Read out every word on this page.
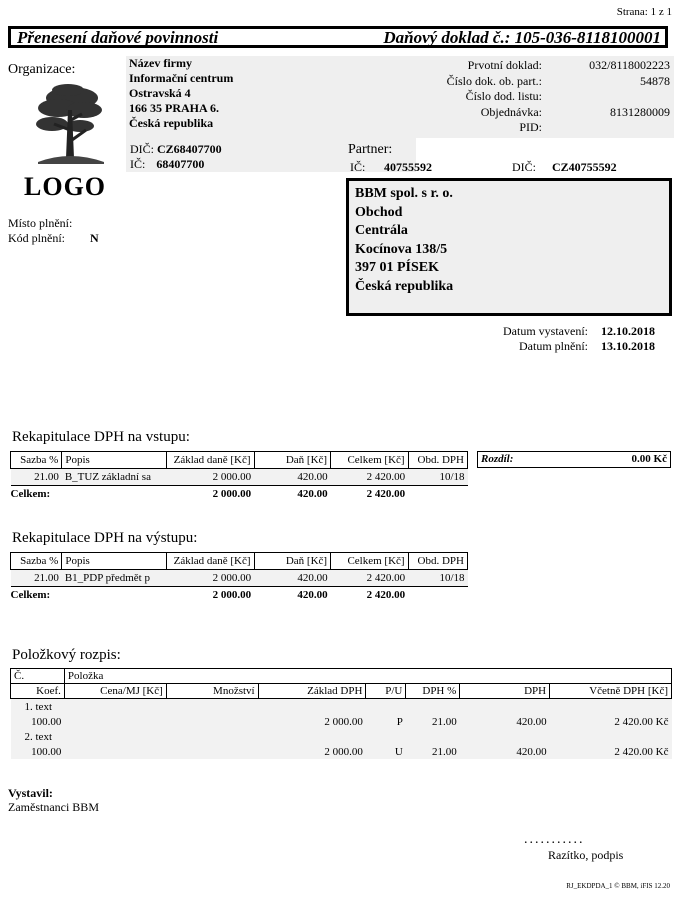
Strana: 1 z 1
Přenesení daňové povinnosti	Daňový doklad č.: 105-036-8118100001
Organizace:	Název firmy
Informační centrum
Ostravská 4
166 35 PRAHA 6.
Česká republika
DIČ: CZ68407700
IČ: 68407700
LOGO
Prvotní doklad:	032/8118002223
Číslo dok. ob. part.:	54878
Číslo dod. listu:
Objednávka:	8131280009
PID:
Partner:
IČ: 40755592	DIČ: CZ40755592
BBM spol. s r. o.
Obchod
Centrála
Kocínova 138/5
397 01 PÍSEK
Česká republika
Místo plnění:
Kód plnění: N
Datum vystavení: 12.10.2018
Datum plnění: 13.10.2018
Rekapitulace DPH na vstupu:
Sazba %	Popis	Základ daně [Kč]	Daň [Kč]	Celkem [Kč]	Obd. DPH
21.00	B_TUZ základní sa	2 000.00	420.00	2 420.00	10/18
Celkem:		2 000.00	420.00	2 420.00	
Rozdíl:	0.00 Kč
Rekapitulace DPH na výstupu:
Sazba %	Popis	Základ daně [Kč]	Daň [Kč]	Celkem [Kč]	Obd. DPH
21.00	B1_PDP předmět p	2 000.00	420.00	2 420.00	10/18
Celkem:		2 000.00	420.00	2 420.00	
Položkový rozpis:
Č.	Položka						
Koef.	Cena/MJ [Kč]	Množství	Základ DPH	P/U	DPH %	DPH	Včetně DPH [Kč]
1. text							
100.00			2 000.00	P	21.00	420.00	2 420.00 Kč
2. text							
100.00			2 000.00	U	21.00	420.00	2 420.00 Kč
Vystavil:
Zaměstnanci BBM
...........
Razítko, podpis
RJ_EKDPDA_1 © BBM, iFIS 12.20
